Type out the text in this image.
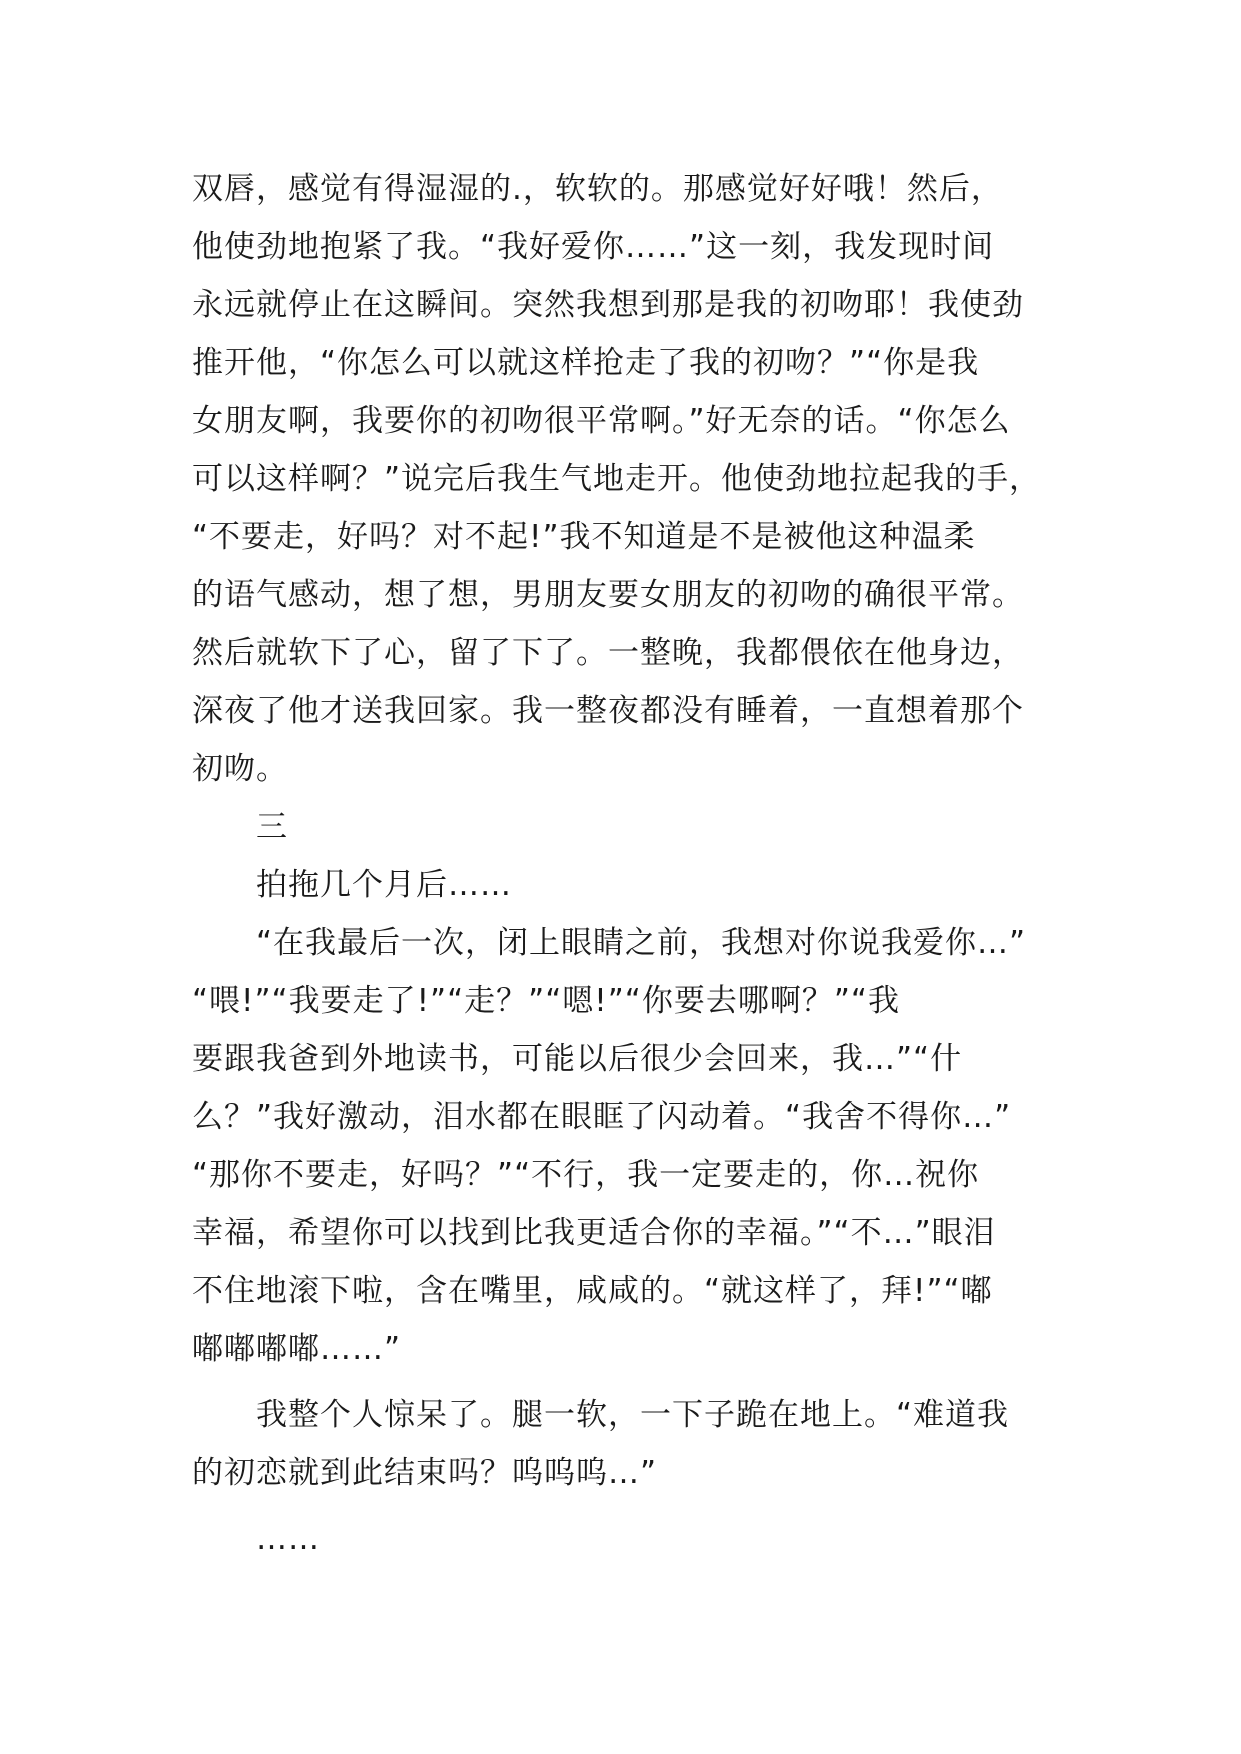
双唇，感觉有得湿湿的.，软软的。那感觉好好哦！然后，
他使劲地抱紧了我。“我好爱你……”这一刻，我发现时间
永远就停止在这瞬间。突然我想到那是我的初吻耶！我使劲
推开他，“你怎么可以就这样抢走了我的初吻？”“你是我
女朋友啊，我要你的初吻很平常啊。”好无奈的话。“你怎么
可以这样啊？”说完后我生气地走开。他使劲地拉起我的手，
“不要走，好吗？对不起!”我不知道是不是被他这种温柔
的语气感动，想了想，男朋友要女朋友的初吻的确很平常。
然后就软下了心，留了下了。一整晚，我都偎依在他身边，
深夜了他才送我回家。我一整夜都没有睡着，一直想着那个
初吻。
三
拍拖几个月后……
“在我最后一次，闭上眼睛之前，我想对你说我爱你…”
“喂!”“我要走了!”“走？”“嗯!”“你要去哪啊？”“我
要跟我爸到外地读书，可能以后很少会回来，我…”“什
么？”我好激动，泪水都在眼眶了闪动着。“我舍不得你…”
“那你不要走，好吗？”“不行，我一定要走的，你…祝你
幸福，希望你可以找到比我更适合你的幸福。”“不…”眼泪
不住地滚下啦，含在嘴里，咸咸的。“就这样了，拜!”“嘟
嘟嘟嘟嘟……”
我整个人惊呆了。腿一软，一下子跪在地上。“难道我
的初恋就到此结束吗？呜呜呜…”
……
